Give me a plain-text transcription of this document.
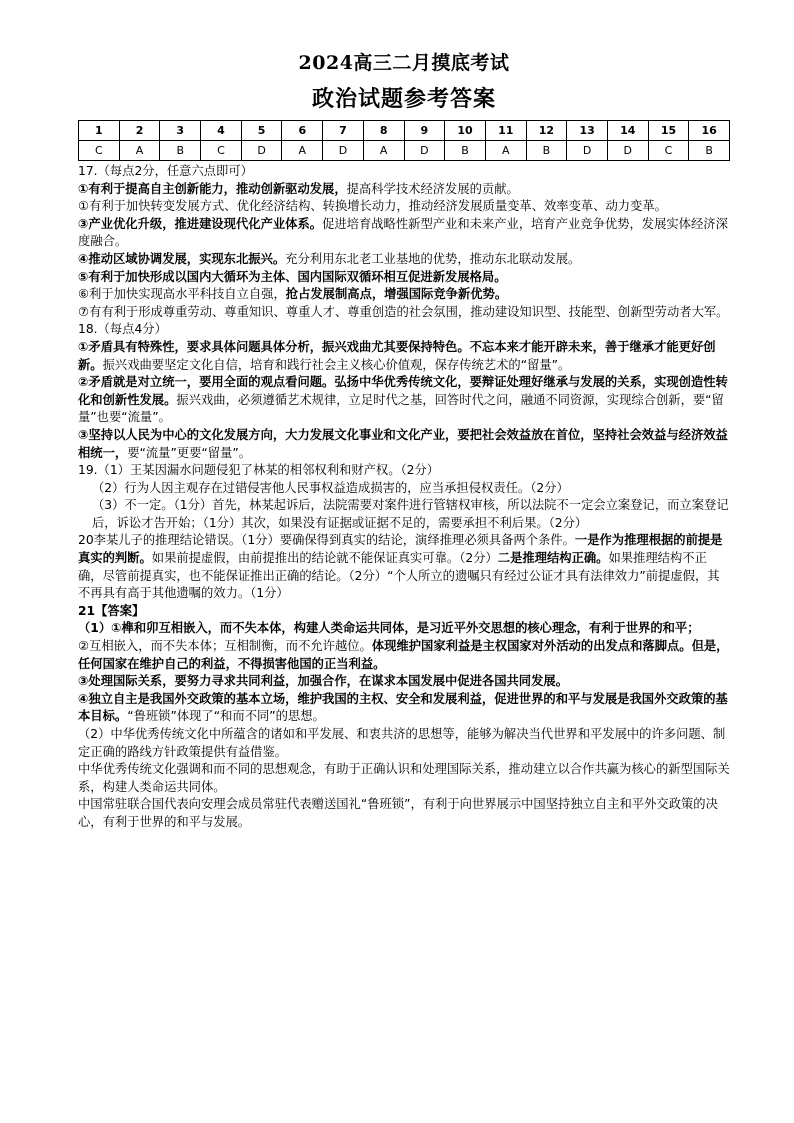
2024高三二月摸底考试
政治试题参考答案
1	2	3	4	5	6	7	8	9	10	11	12	13	14	15	16
C	A	B	C	D	A	D	A	D	B	A	B	D	D	C	B

17.（每点2分，任意六点即可）

①有利于提高自主创新能力，推动创新驱动发展，提高科学技术经济发展的贡献。

①有利于加快转变发展方式、优化经济结构、转换增长动力，推动经济发展质量变革、效率变革、动力变革。

③产业优化升级，推进建设现代化产业体系。促进培育战略性新型产业和未来产业，培育产业竞争优势，发展实体经济深度融合。

④推动区域协调发展，实现东北振兴。充分利用东北老工业基地的优势，推动东北联动发展。

⑤有利于加快形成以国内大循环为主体、国内国际双循环相互促进新发展格局。

⑥利于加快实现高水平科技自立自强，抢占发展制高点，增强国际竞争新优势。

⑦有有利于形成尊重劳动、尊重知识、尊重人才、尊重创造的社会氛围，推动建设知识型、技能型、创新型劳动者大军。

18.（每点4分）

①矛盾具有特殊性，要求具体问题具体分析，振兴戏曲尤其要保持特色。不忘本来才能开辟未来，善于继承才能更好创新。振兴戏曲要坚定文化自信，培育和践行社会主义核心价值观，保存传统艺术的“留量”。

②矛盾就是对立统一，要用全面的观点看问题。弘扬中华优秀传统文化，要辩证处理好继承与发展的关系，实现创造性转化和创新性发展。振兴戏曲，必须遵循艺术规律，立足时代之基，回答时代之问，融通不同资源，实现综合创新，要“留量”也要“流量”。

③坚持以人民为中心的文化发展方向，大力发展文化事业和文化产业，要把社会效益放在首位，坚持社会效益与经济效益相统一，要“流量”更要“留量”。

19.（1）王某因漏水问题侵犯了林某的相邻权利和财产权。（2分）

（2）行为人因主观存在过错侵害他人民事权益造成损害的，应当承担侵权责任。（2分）

（3）不一定。（1分）首先，林某起诉后，法院需要对案件进行管辖权审核，所以法院不一定会立案登记，而立案登记后，诉讼才告开始；（1分）其次，如果没有证据或证据不足的，需要承担不利后果。（2分）

20李某儿子的推理结论错误。（1分）要确保得到真实的结论，演绎推理必须具备两个条件。一是作为推理根据的前提是真实的判断。如果前提虚假，由前提推出的结论就不能保证真实可靠。（2分）二是推理结构正确。如果推理结构不正确，尽管前提真实，也不能保证推出正确的结论。（2分）“个人所立的遗嘱只有经过公证才具有法律效力”前提虚假，其不再具有高于其他遗嘱的效力。（1分）

21【答案】

（1）①榫和卯互相嵌入，而不失本体，构建人类命运共同体，是习近平外交思想的核心理念，有利于世界的和平；

②互相嵌入，而不失本体；互相制衡，而不允许越位。体现维护国家利益是主权国家对外活动的出发点和落脚点。但是，任何国家在维护自己的利益，不得损害他国的正当利益。

③处理国际关系，要努力寻求共同利益，加强合作，在谋求本国发展中促进各国共同发展。

④独立自主是我国外交政策的基本立场，维护我国的主权、安全和发展利益，促进世界的和平与发展是我国外交政策的基本目标。“鲁班锁”体现了“和而不同”的思想。

（2）中华优秀传统文化中所蕴含的诸如和平发展、和衷共济的思想等，能够为解决当代世界和平发展中的许多问题、制定正确的路线方针政策提供有益借鉴。

中华优秀传统文化强调和而不同的思想观念，有助于正确认识和处理国际关系，推动建立以合作共赢为核心的新型国际关系，构建人类命运共同体。

中国常驻联合国代表向安理会成员常驻代表赠送国礼“鲁班锁”，有利于向世界展示中国坚持独立自主和平外交政策的决心，有利于世界的和平与发展。
